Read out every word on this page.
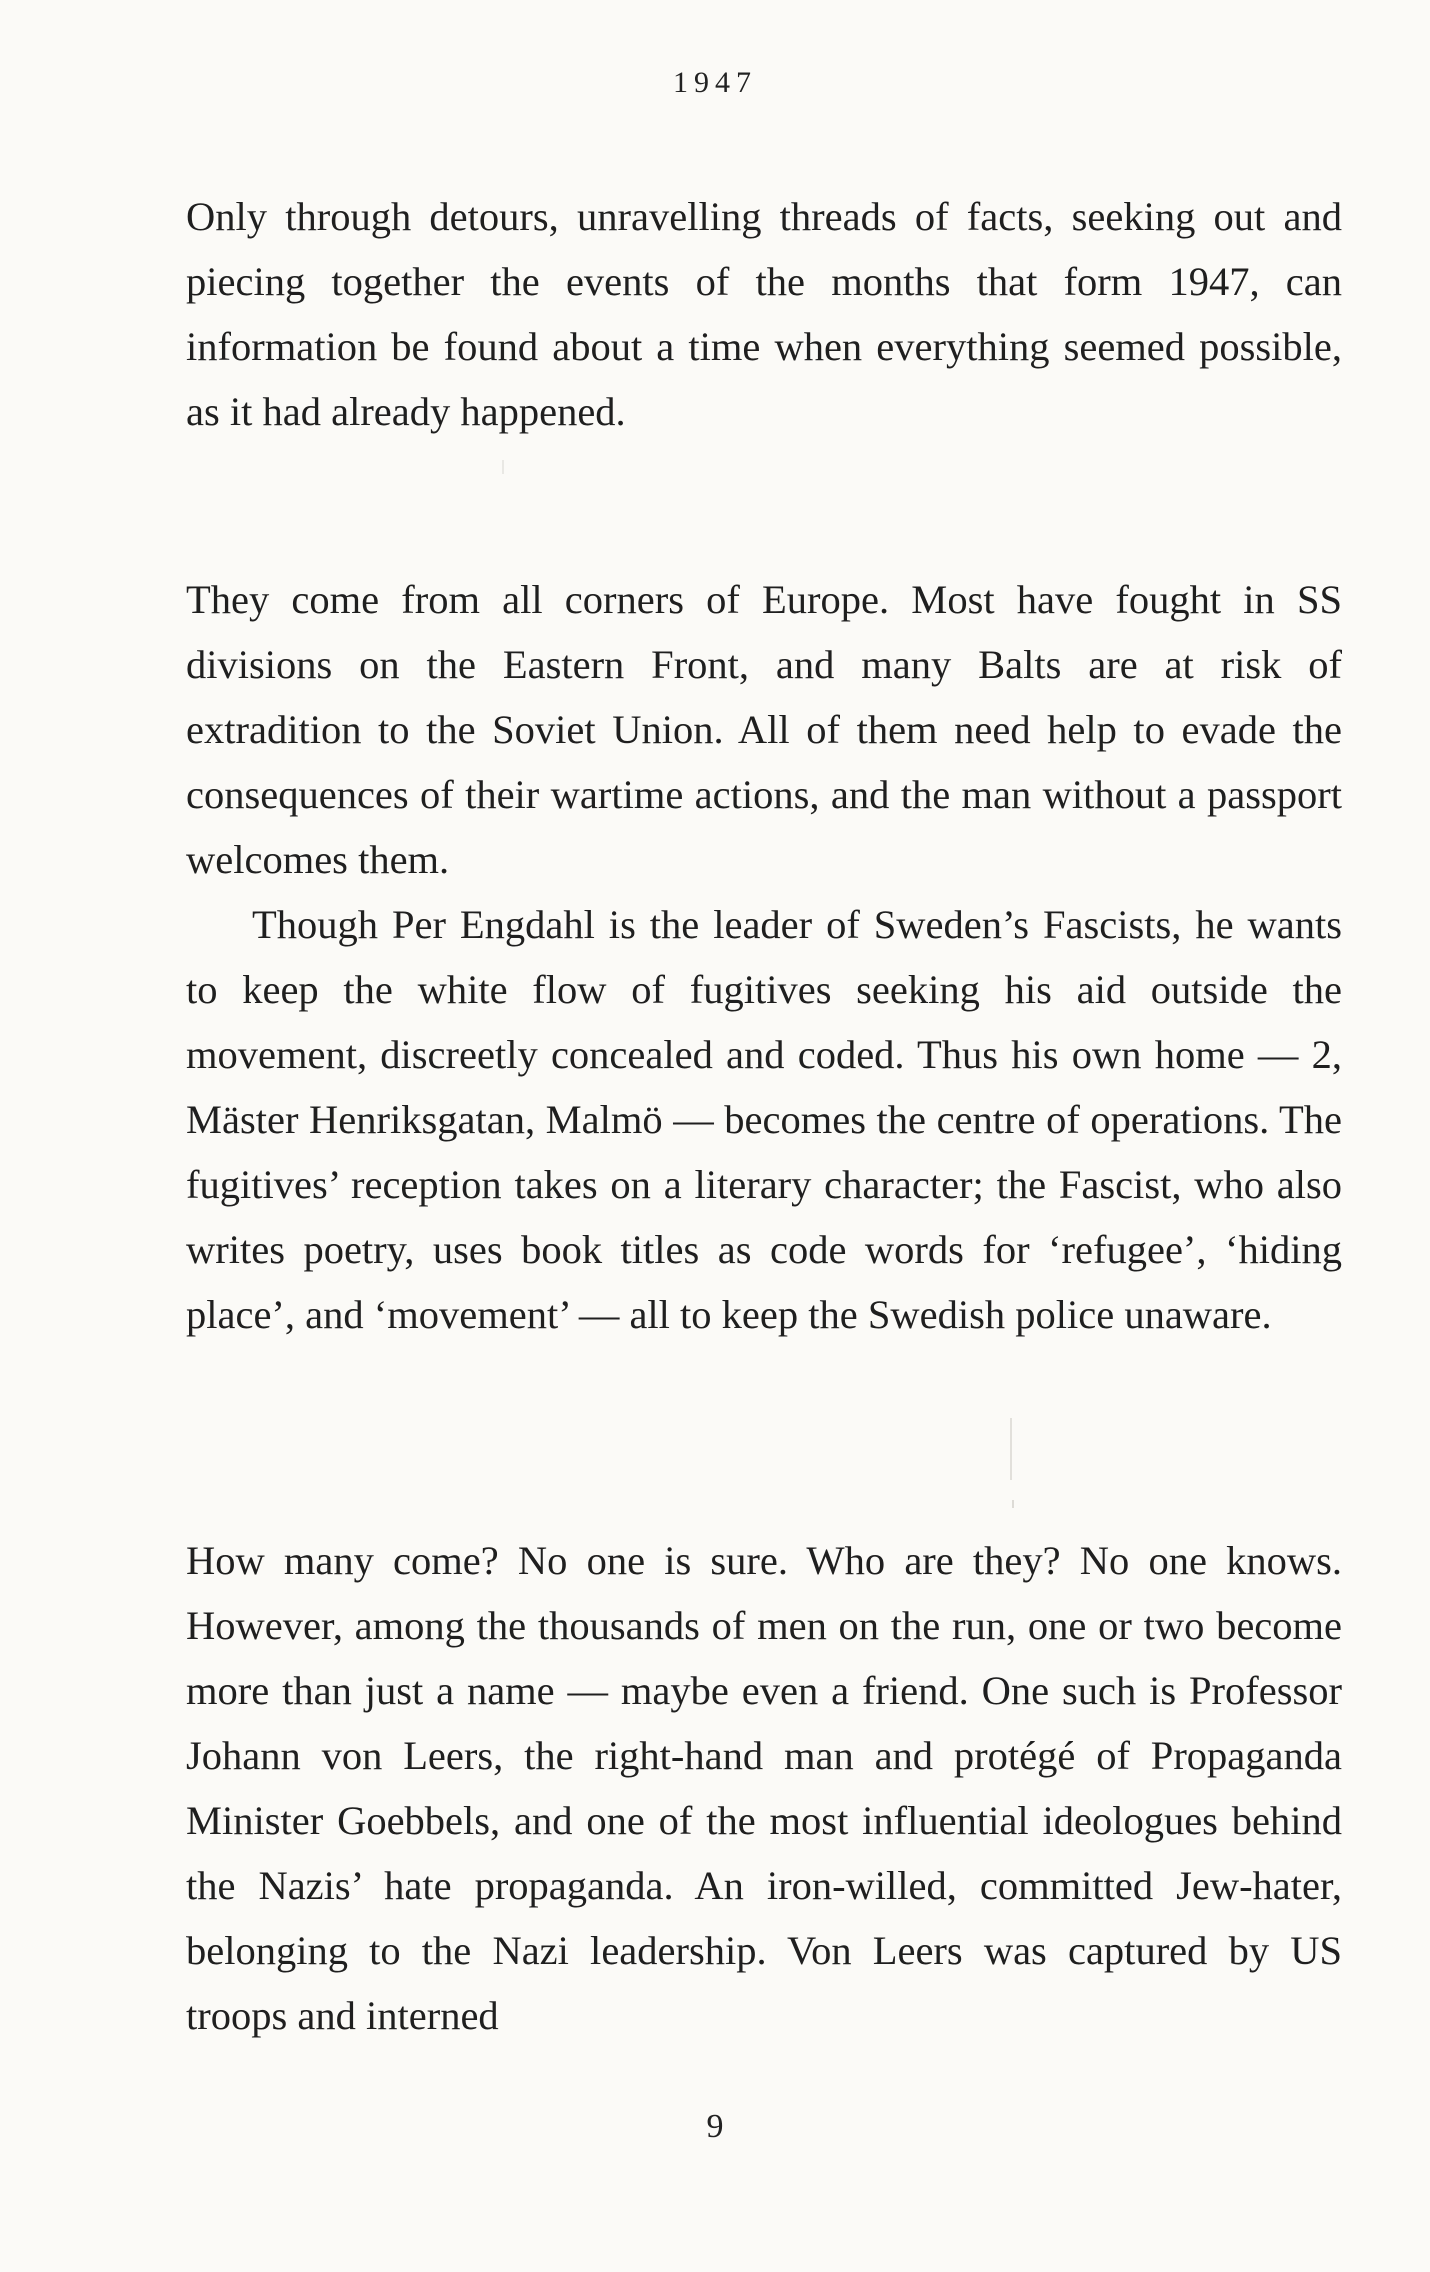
1947

Only through detours, unravelling threads of facts, seeking out and piecing together the events of the months that form 1947, can information be found about a time when everything seemed possible, as it had already happened.

They come from all corners of Europe. Most have fought in SS divisions on the Eastern Front, and many Balts are at risk of extradition to the Soviet Union. All of them need help to evade the consequences of their wartime actions, and the man without a passport welcomes them.

Though Per Engdahl is the leader of Sweden’s Fascists, he wants to keep the white flow of fugitives seeking his aid outside the movement, discreetly concealed and coded. Thus his own home — 2, Mäster Henriksgatan, Malmö — becomes the centre of operations. The fugitives’ reception takes on a literary character; the Fascist, who also writes poetry, uses book titles as code words for ‘refugee’, ‘hiding place’, and ‘movement’ — all to keep the Swedish police unaware.

How many come? No one is sure. Who are they? No one knows. However, among the thousands of men on the run, one or two become more than just a name — maybe even a friend. One such is Professor Johann von Leers, the right-hand man and protégé of Propaganda Minister Goebbels, and one of the most influential ideologues behind the Nazis’ hate propaganda. An iron-willed, committed Jew-hater, belonging to the Nazi leadership. Von Leers was captured by US troops and interned

9
